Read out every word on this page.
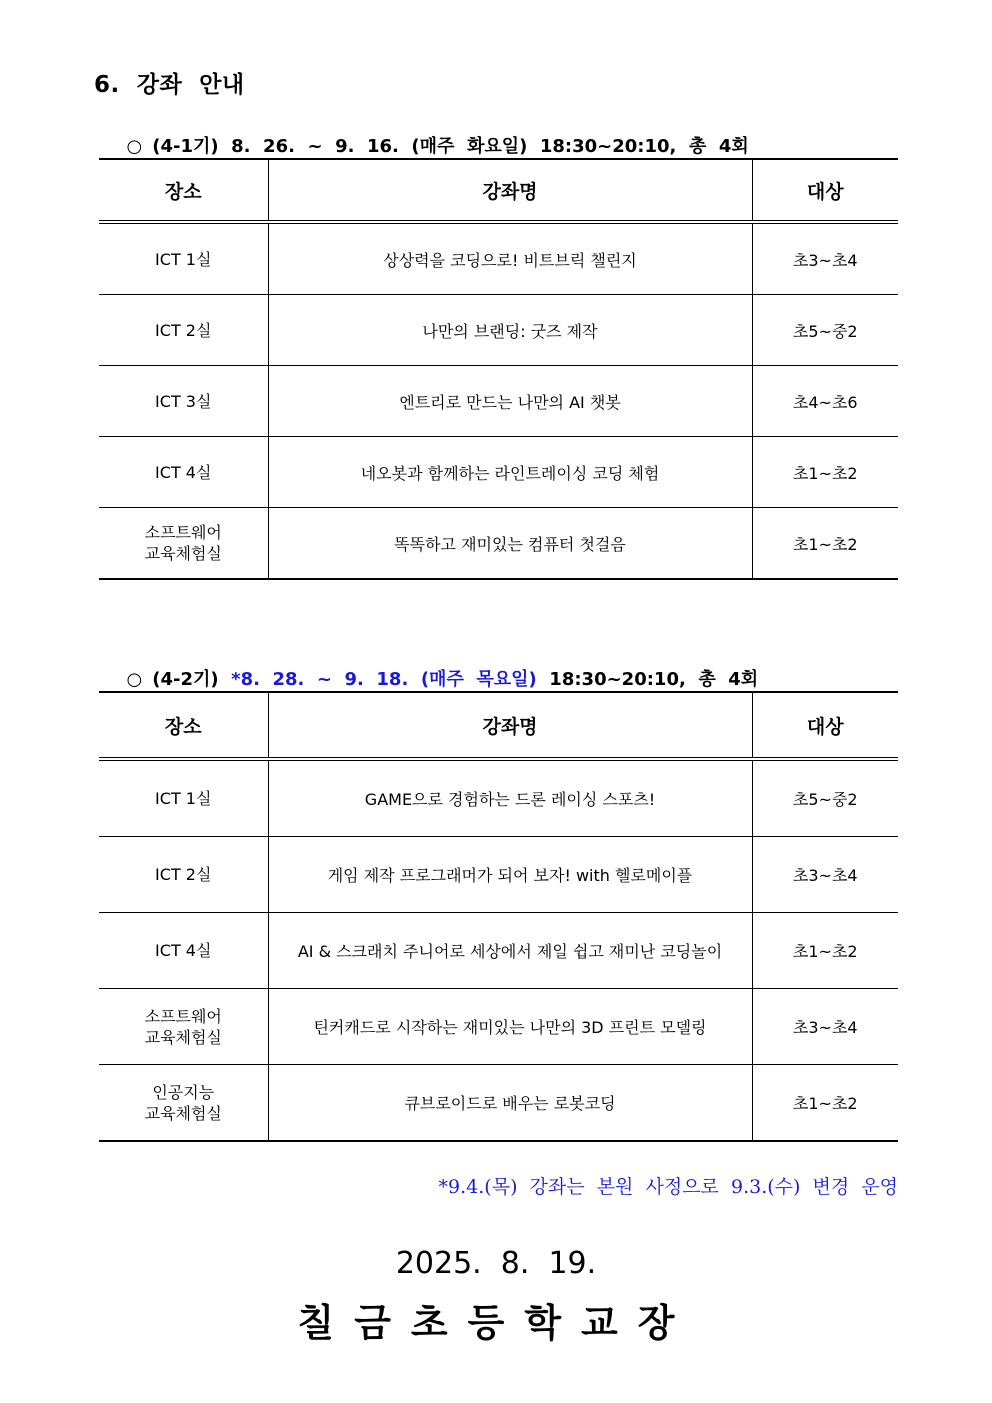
6.  강좌  안내

○ (4-1기)  8.  26.  ~  9.  16.  (매주  화요일)  18:30~20:10,  총  4회

장소	강좌명	대상
ICT 1실	상상력을 코딩으로! 비트브릭 챌린지	초3~초4
ICT 2실	나만의 브랜딩: 굿즈 제작	초5~중2
ICT 3실	엔트리로 만드는 나만의 AI 챗봇	초4~초6
ICT 4실	네오봇과 함께하는 라인트레이싱 코딩 체험	초1~초2
소프트웨어
교육체험실	똑똑하고 재미있는 컴퓨터 첫걸음	초1~초2

○ (4-2기)  *8.  28.  ~  9.  18.  (매주  목요일)  18:30~20:10,  총  4회

장소	강좌명	대상
ICT 1실	GAME으로 경험하는 드론 레이싱 스포츠!	초5~중2
ICT 2실	게임 제작 프로그래머가 되어 보자! with 헬로메이플	초3~초4
ICT 4실	AI & 스크래치 주니어로 세상에서 제일 쉽고 재미난 코딩놀이	초1~초2
소프트웨어
교육체험실	틴커캐드로 시작하는 재미있는 나만의 3D 프린트 모델링	초3~초4
인공지능
교육체험실	큐브로이드로 배우는 로봇코딩	초1~초2
*9.4.(목)  강좌는  본원  사정으로  9.3.(수)  변경  운영
2025.  8.  19.
칠금초등학교장
